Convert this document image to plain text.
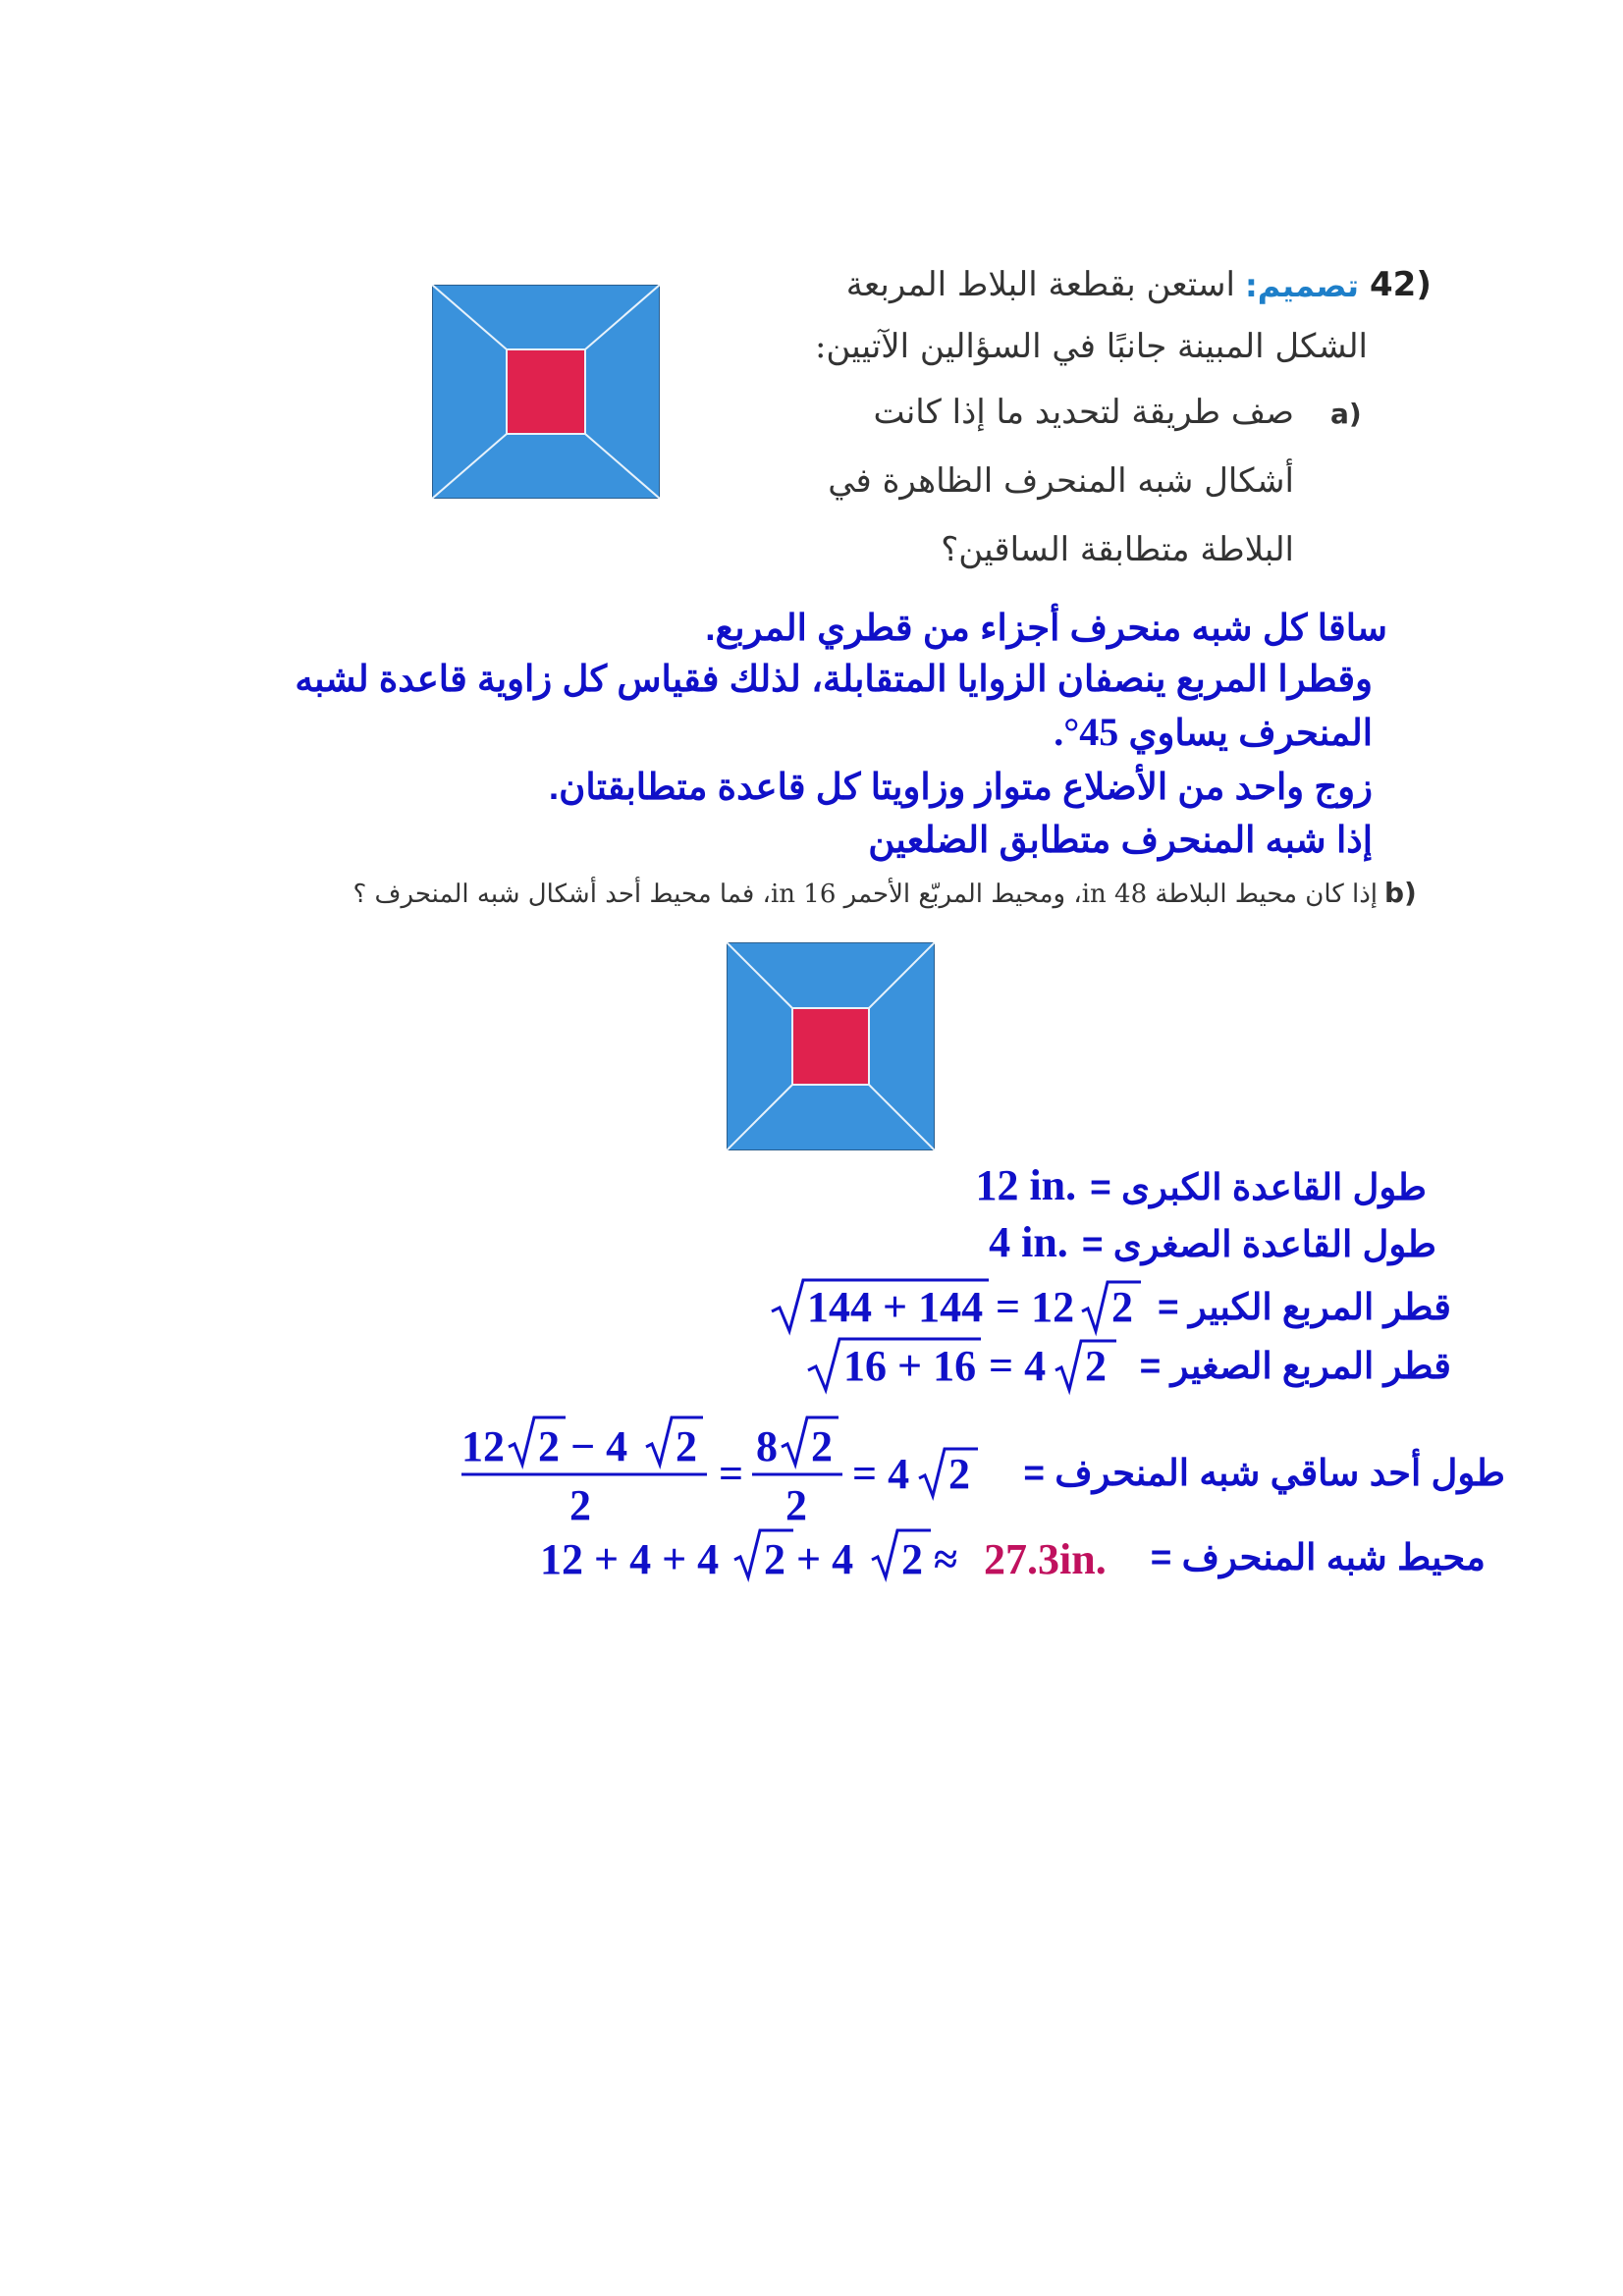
42)
تصميم:
استعن بقطعة البلاط المربعة
الشكل المبينة جانبًا في السؤالين الآتيين:
a)
صف طريقة لتحديد ما إذا كانت
أشكال شبه المنحرف الظاهرة في
البلاطة متطابقة الساقين؟
ساقا كل شبه منحرف أجزاء من قطري المربع.
وقطرا المربع ينصفان الزوايا المتقابلة، لذلك فقياس كل زاوية قاعدة لشبه
المنحرف يساوي 45°.
زوج واحد من الأضلاع متواز وزاويتا كل قاعدة متطابقتان.
إذا شبه المنحرف متطابق الضلعين
b)
إذا كان محيط البلاطة 48 in، ومحيط المربّع الأحمر 16 in، فما محيط أحد أشكال شبه المنحرف ؟
12 in. طول القاعدة الكبرى =
4 in. طول القاعدة الصغرى =
144 + 144 = 12 2 قطر المربع الكبير =
16 + 16 = 4 2 قطر المربع الصغير =
12 2 − 4 2
2
=
8 2
2
= 4 2 طول أحد ساقي شبه المنحرف =
12 + 4 + 4 2 + 4 2 ≈ 27.3in. محيط شبه المنحرف =
